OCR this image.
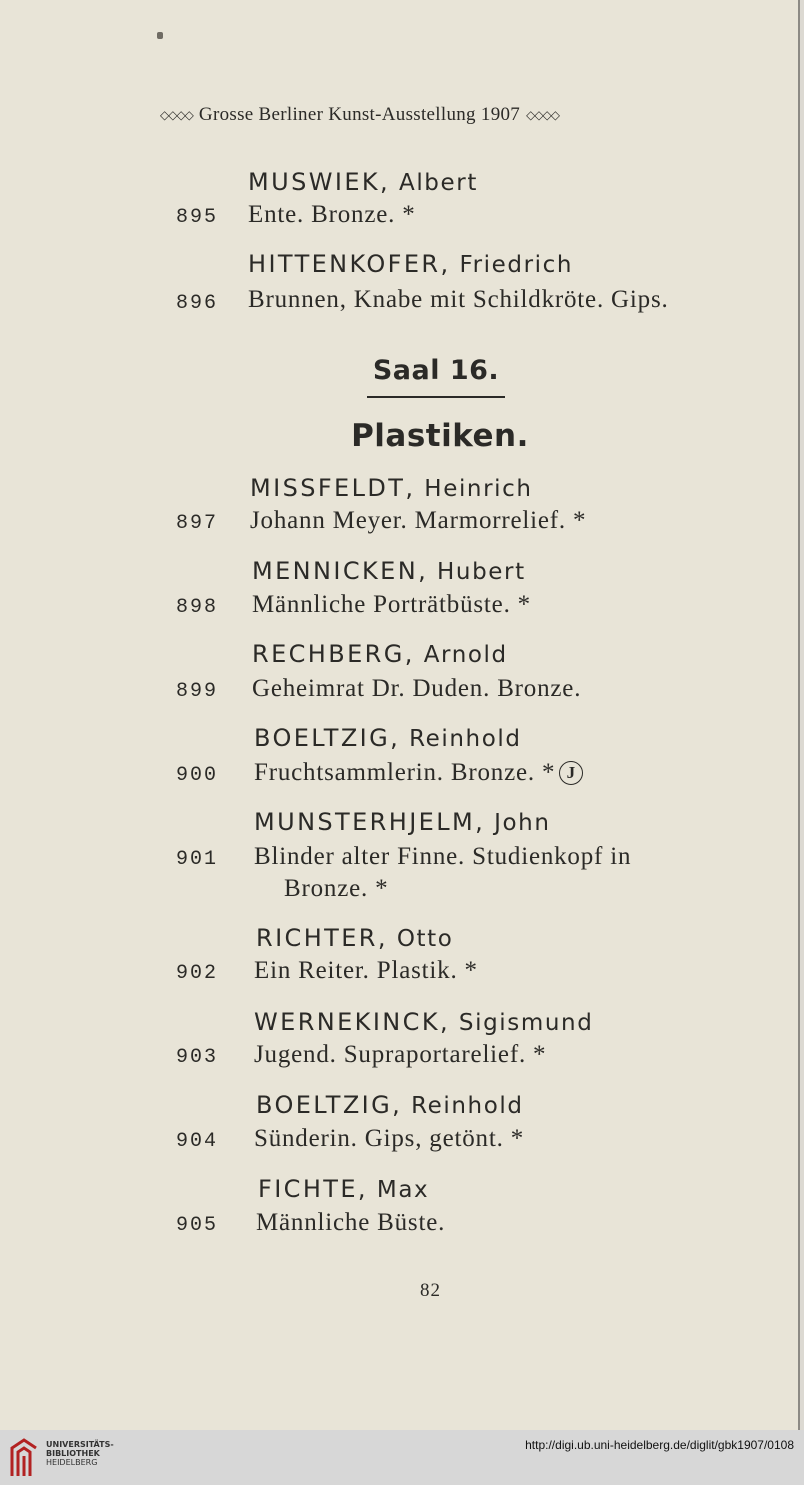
◇◇◇◇ Grosse Berliner Kunst-Ausstellung 1907 ◇◇◇◇
MUSWIEK, Albert
895 Ente. Bronze. *
HITTENKOFER, Friedrich
896 Brunnen, Knabe mit Schildkröte. Gips.
Saal 16.
Plastiken.
MISSFELDT, Heinrich
897 Johann Meyer. Marmorrelief. *
MENNICKEN, Hubert
898 Männliche Porträtbüste. *
RECHBERG, Arnold
899 Geheimrat Dr. Duden. Bronze.
BOELTZIG, Reinhold
900 Fruchtsammlerin. Bronze. * J
MUNSTERHJELM, John
901 Blinder alter Finne. Studienkopf in
Bronze. *
RICHTER, Otto
902 Ein Reiter. Plastik. *
WERNEKINCK, Sigismund
903 Jugend. Supraportarelief. *
BOELTZIG, Reinhold
904 Sünderin. Gips, getönt. *
FICHTE, Max
905 Männliche Büste.
82
UNIVERSITÄTS-
BIBLIOTHEK
HEIDELBERG
http://digi.ub.uni-heidelberg.de/diglit/gbk1907/0108
